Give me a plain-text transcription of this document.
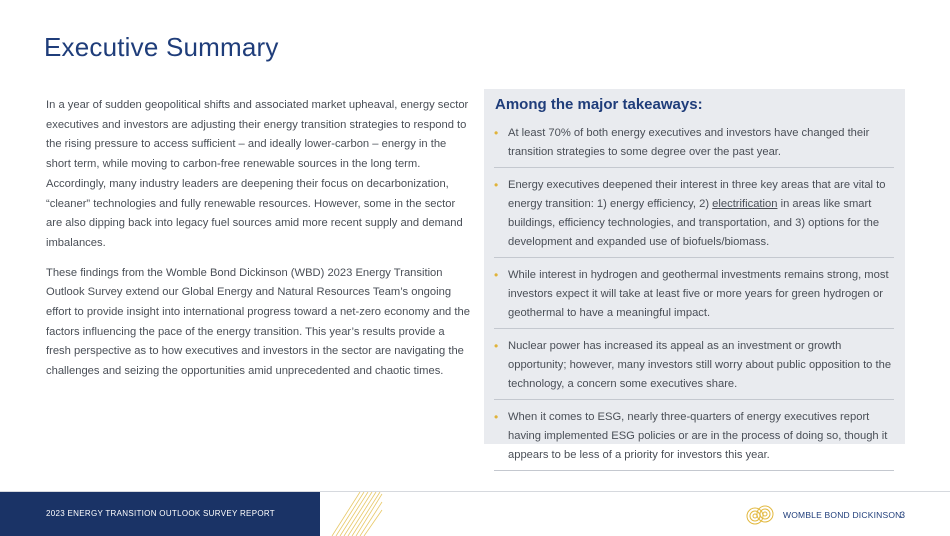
Executive Summary

In a year of sudden geopolitical shifts and associated market upheaval, energy sector executives and investors are adjusting their energy transition strategies to respond to the rising pressure to access sufficient – and ideally lower-carbon – energy in the short term, while moving to carbon-free renewable sources in the long term. Accordingly, many industry leaders are deepening their focus on decarbonization, “cleaner” technologies and fully renewable resources. However, some in the sector are also dipping back into legacy fuel sources amid more recent supply and demand imbalances.

These findings from the Womble Bond Dickinson (WBD) 2023 Energy Transition Outlook Survey extend our Global Energy and Natural Resources Team’s ongoing effort to provide insight into international progress toward a net-zero economy and the factors influencing the pace of the energy transition. This year’s results provide a fresh perspective as to how executives and investors in the sector are navigating the challenges and seizing the opportunities amid unprecedented and chaotic times.

Among the major takeaways:
• At least 70% of both energy executives and investors have changed their transition strategies to some degree over the past year.
• Energy executives deepened their interest in three key areas that are vital to energy transition: 1) energy efficiency, 2) electrification in areas like smart buildings, efficiency technologies, and transportation, and 3) options for the development and expanded use of biofuels/biomass.
• While interest in hydrogen and geothermal investments remains strong, most investors expect it will take at least five or more years for green hydrogen or geothermal to have a meaningful impact.
• Nuclear power has increased its appeal as an investment or growth opportunity; however, many investors still worry about public opposition to the technology, a concern some executives share.
• When it comes to ESG, nearly three-quarters of energy executives report having implemented ESG policies or are in the process of doing so, though it appears to be less of a priority for investors this year.
2023 ENERGY TRANSITION OUTLOOK SURVEY REPORT	WOMBLE BOND DICKINSON
3
